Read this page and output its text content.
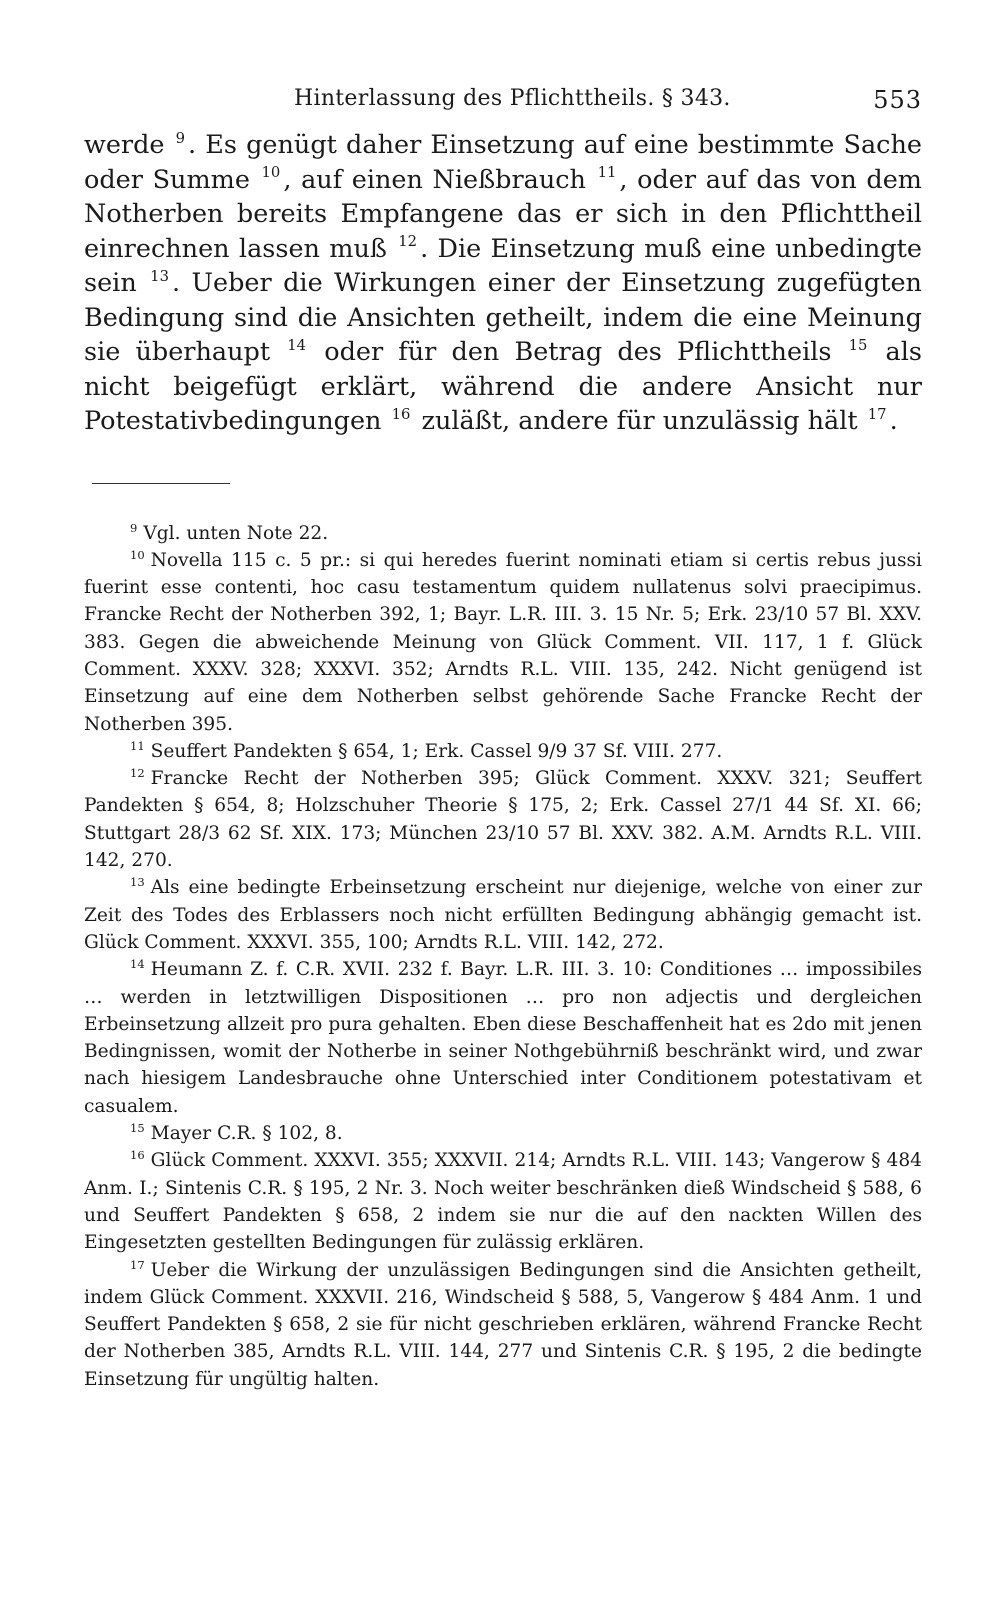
Hinterlassung des Pflichttheils. § 343.	553

werde $^9$ . Es genügt daher Einsetzung auf eine bestimmte Sache oder Summe $^{10}$ , auf einen Nießbrauch $^{11}$ , oder auf das von dem Notherben bereits Empfangene das er sich in den Pflichttheil einrechnen lassen muß $^{12}$ . Die Einsetzung muß eine unbedingte sein $^{13}$ . Ueber die Wirkungen einer der Einsetzung zugefügten Bedingung sind die Ansichten getheilt, indem die eine Meinung sie überhaupt $^{14}$ oder für den Betrag des Pflichttheils $^{15}$ als nicht beigefügt erklärt, während die andere Ansicht nur Potestativbedingungen $^{16}$ zuläßt, andere für unzulässig hält $^{17}$ .

$^9$ Vgl. unten Note 22.

$^{10}$ Novella 115 c. 5 pr.: si qui heredes fuerint nominati etiam si certis rebus jussi fuerint esse contenti, hoc casu testamentum quidem nullatenus solvi praecipimus. Francke Recht der Notherben 392, 1; Bayr. L.R. III. 3. 15 Nr. 5; Erk. 23/10 57 Bl. XXV. 383. Gegen die abweichende Meinung von Glück Comment. VII. 117, 1 f. Glück Comment. XXXV. 328; XXXVI. 352; Arndts R.L. VIII. 135, 242. Nicht genügend ist Einsetzung auf eine dem Notherben selbst gehörende Sache Francke Recht der Notherben 395.

$^{11}$ Seuffert Pandekten § 654, 1; Erk. Cassel 9/9 37 Sf. VIII. 277.

$^{12}$ Francke Recht der Notherben 395; Glück Comment. XXXV. 321; Seuffert Pandekten § 654, 8; Holzschuher Theorie § 175, 2; Erk. Cassel 27/1 44 Sf. XI. 66; Stuttgart 28/3 62 Sf. XIX. 173; München 23/10 57 Bl. XXV. 382. A.M. Arndts R.L. VIII. 142, 270.

$^{13}$ Als eine bedingte Erbeinsetzung erscheint nur diejenige, welche von einer zur Zeit des Todes des Erblassers noch nicht erfüllten Bedingung abhängig gemacht ist. Glück Comment. XXXVI. 355, 100; Arndts R.L. VIII. 142, 272.

$^{14}$ Heumann Z. f. C.R. XVII. 232 f. Bayr. L.R. III. 3. 10: Conditiones … impossibiles … werden in letztwilligen Dispositionen … pro non adjectis und dergleichen Erbeinsetzung allzeit pro pura gehalten. Eben diese Beschaffenheit hat es 2do mit jenen Bedingnissen, womit der Notherbe in seiner Nothgebührniß beschränkt wird, und zwar nach hiesigem Landesbrauche ohne Unterschied inter Conditionem potestativam et casualem.

$^{15}$ Mayer C.R. § 102, 8.

$^{16}$ Glück Comment. XXXVI. 355; XXXVII. 214; Arndts R.L. VIII. 143; Vangerow § 484 Anm. I.; Sintenis C.R. § 195, 2 Nr. 3. Noch weiter beschränken dieß Windscheid § 588, 6 und Seuffert Pandekten § 658, 2 indem sie nur die auf den nackten Willen des Eingesetzten gestellten Bedingungen für zulässig erklären.

$^{17}$ Ueber die Wirkung der unzulässigen Bedingungen sind die Ansichten getheilt, indem Glück Comment. XXXVII. 216, Windscheid § 588, 5, Vangerow § 484 Anm. 1 und Seuffert Pandekten § 658, 2 sie für nicht geschrieben erklären, während Francke Recht der Notherben 385, Arndts R.L. VIII. 144, 277 und Sintenis C.R. § 195, 2 die bedingte Einsetzung für ungültig halten.
